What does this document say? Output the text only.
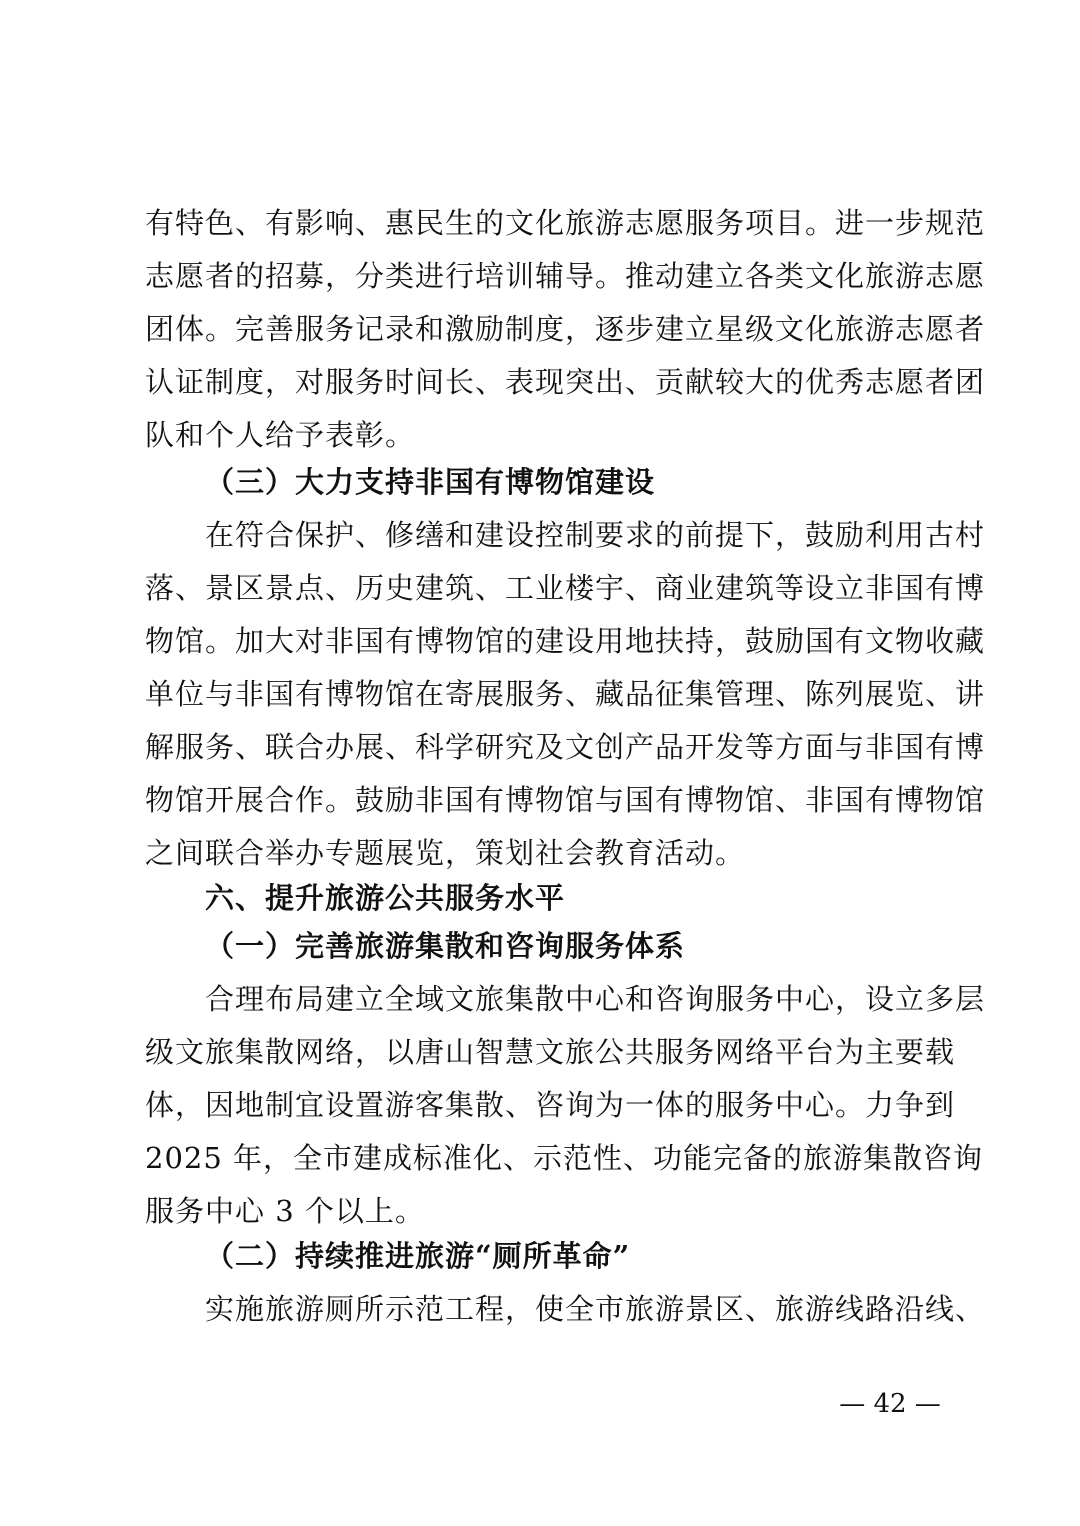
有特色、有影响、惠民生的文化旅游志愿服务项目。进一步规范
志愿者的招募，分类进行培训辅导。推动建立各类文化旅游志愿
团体。完善服务记录和激励制度，逐步建立星级文化旅游志愿者
认证制度，对服务时间长、表现突出、贡献较大的优秀志愿者团
队和个人给予表彰。
（三）大力支持非国有博物馆建设
在符合保护、修缮和建设控制要求的前提下，鼓励利用古村
落、景区景点、历史建筑、工业楼宇、商业建筑等设立非国有博
物馆。加大对非国有博物馆的建设用地扶持，鼓励国有文物收藏
单位与非国有博物馆在寄展服务、藏品征集管理、陈列展览、讲
解服务、联合办展、科学研究及文创产品开发等方面与非国有博
物馆开展合作。鼓励非国有博物馆与国有博物馆、非国有博物馆
之间联合举办专题展览，策划社会教育活动。
六、提升旅游公共服务水平
（一）完善旅游集散和咨询服务体系
合理布局建立全域文旅集散中心和咨询服务中心，设立多层
级文旅集散网络，以唐山智慧文旅公共服务网络平台为主要载
体，因地制宜设置游客集散、咨询为一体的服务中心。力争到
2025 年，全市建成标准化、示范性、功能完备的旅游集散咨询
服务中心 3 个以上。
（二）持续推进旅游“厕所革命”
实施旅游厕所示范工程，使全市旅游景区、旅游线路沿线、
— 42 —
